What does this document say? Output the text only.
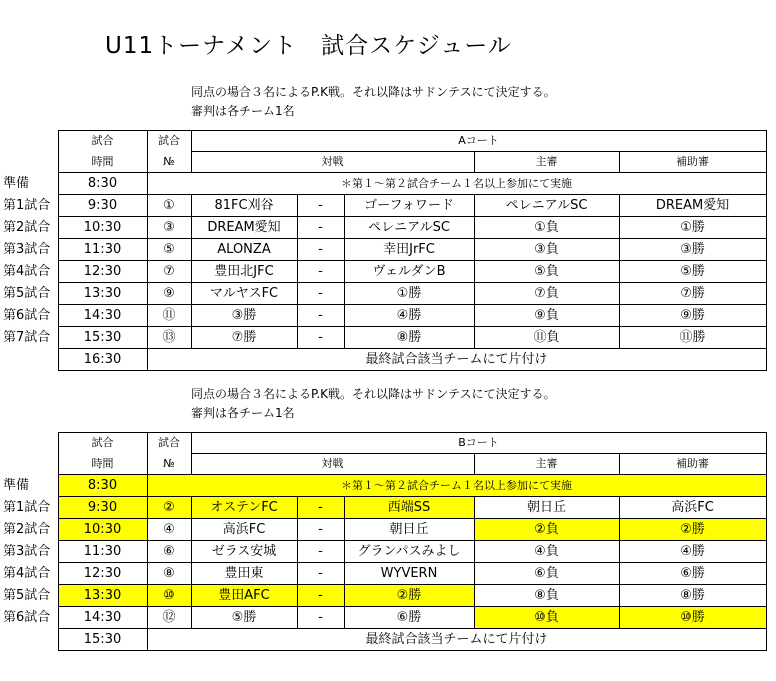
U11トーナメント　試合スケジュール
同点の場合３名によるP.K戦。それ以降はサドンテスにて決定する。
審判は各チーム1名
	試合	試合	Aコート				
	時間	№	対戦			主審	補助審
準備	8:30	＊第１～第２試合チーム１名以上参加にて実施					
第1試合	9:30	①	81FC刈谷	-	ゴーフォワード	ペレニアルSC	DREAM愛知
第2試合	10:30	③	DREAM愛知	-	ペレニアルSC	①負	①勝
第3試合	11:30	⑤	ALONZA	-	幸田JrFC	③負	③勝
第4試合	12:30	⑦	豊田北JFC	-	ヴェルダンB	⑤負	⑤勝
第5試合	13:30	⑨	マルヤスFC	-	①勝	⑦負	⑦勝
第6試合	14:30	⑪	③勝	-	④勝	⑨負	⑨勝
第7試合	15:30	⑬	⑦勝	-	⑧勝	⑪負	⑪勝
	16:30	最終試合該当チームにて片付け					
同点の場合３名によるP.K戦。それ以降はサドンテスにて決定する。
審判は各チーム1名
	試合	試合	Bコート				
	時間	№	対戦			主審	補助審
準備	8:30	＊第１～第２試合チーム１名以上参加にて実施					
第1試合	9:30	②	オステンFC	-	西端SS	朝日丘	高浜FC
第2試合	10:30	④	高浜FC	-	朝日丘	②負	②勝
第3試合	11:30	⑥	ゼラス安城	-	グランパスみよし	④負	④勝
第4試合	12:30	⑧	豊田東	-	WYVERN	⑥負	⑥勝
第5試合	13:30	⑩	豊田AFC	-	②勝	⑧負	⑧勝
第6試合	14:30	⑫	⑤勝	-	⑥勝	⑩負	⑩勝
	15:30	最終試合該当チームにて片付け					
